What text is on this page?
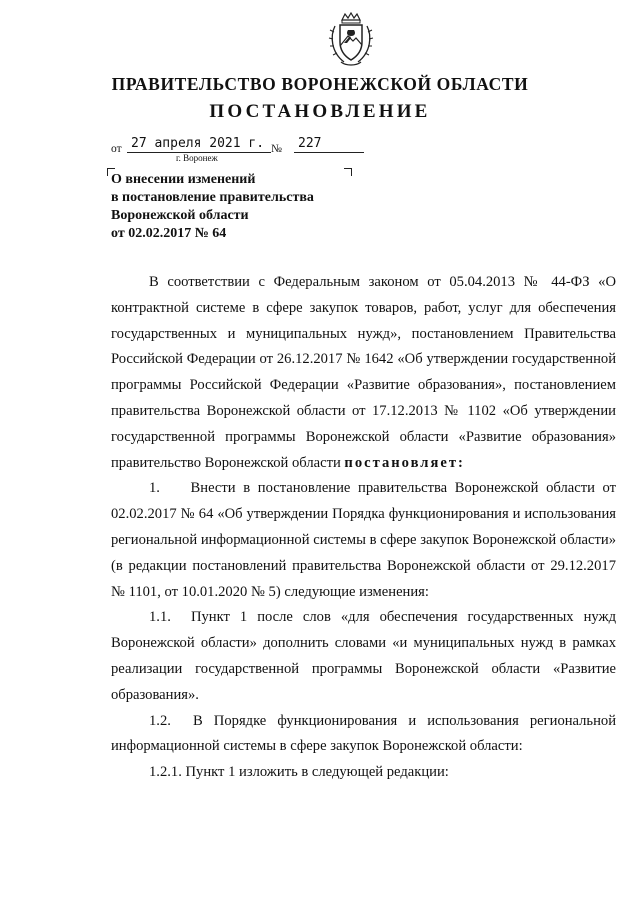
ПРАВИТЕЛЬСТВО ВОРОНЕЖСКОЙ ОБЛАСТИ
ПОСТАНОВЛЕНИЕ
от 27 апреля 2021 г. № 227
г. Воронеж
О внесении изменений
в постановление правительства
Воронежской области
от 02.02.2017 № 64

В соответствии с Федеральным законом от 05.04.2013 № 44-ФЗ «О контрактной системе в сфере закупок товаров, работ, услуг для обеспечения государственных и муниципальных нужд», постановлением Правительства Российской Федерации от 26.12.2017 № 1642 «Об утверждении государственной программы Российской Федерации «Развитие образования», постановлением правительства Воронежской области от 17.12.2013 № 1102 «Об утверждении государственной программы Воронежской области «Развитие образования» правительство Воронежской области постановляет:

1. Внести в постановление правительства Воронежской области от 02.02.2017 № 64 «Об утверждении Порядка функционирования и использования региональной информационной системы в сфере закупок Воронежской области» (в редакции постановлений правительства Воронежской области от 29.12.2017 № 1101, от 10.01.2020 № 5) следующие изменения:

1.1. Пункт 1 после слов «для обеспечения государственных нужд Воронежской области» дополнить словами «и муниципальных нужд в рамках реализации государственной программы Воронежской области «Развитие образования».

1.2. В Порядке функционирования и использования региональной информационной системы в сфере закупок Воронежской области:

1.2.1. Пункт 1 изложить в следующей редакции:
